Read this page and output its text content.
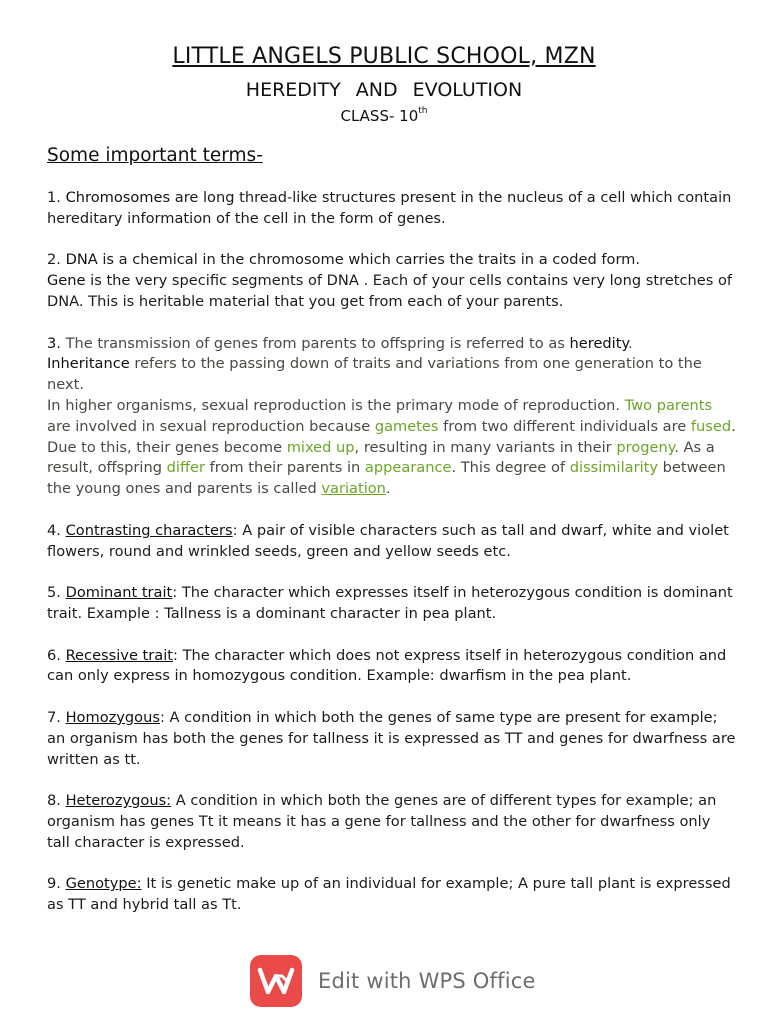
LITTLE ANGELS PUBLIC SCHOOL, MZN
HEREDITY AND EVOLUTION
CLASS- 10th
Some important terms-

1. Chromosomes are long thread-like structures present in the nucleus of a cell which contain hereditary information of the cell in the form of genes.

2. DNA is a chemical in the chromosome which carries the traits in a coded form.

Gene is the very specific segments of DNA . Each of your cells contains very long stretches of DNA. This is heritable material that you get from each of your parents.

3. The transmission of genes from parents to offspring is referred to as heredity.
Inheritance refers to the passing down of traits and variations from one generation to the next.

In higher organisms, sexual reproduction is the primary mode of reproduction. Two parents are involved in sexual reproduction because gametes from two different individuals are fused. Due to this, their genes become mixed up, resulting in many variants in their progeny. As a result, offspring differ from their parents in appearance. This degree of dissimilarity between the young ones and parents is called variation.

4. Contrasting characters: A pair of visible characters such as tall and dwarf, white and violet flowers, round and wrinkled seeds, green and yellow seeds etc.

5. Dominant trait: The character which expresses itself in heterozygous condition is dominant trait. Example : Tallness is a dominant character in pea plant.

6. Recessive trait: The character which does not express itself in heterozygous condition and can only express in homozygous condition. Example: dwarfism in the pea plant.

7. Homozygous: A condition in which both the genes of same type are present for example; an organism has both the genes for tallness it is expressed as TT and genes for dwarfness are written as tt.

8. Heterozygous: A condition in which both the genes are of different types for example; an organism has genes Tt it means it has a gene for tallness and the other for dwarfness only tall character is expressed.

9. Genotype: It is genetic make up of an individual for example; A pure tall plant is expressed as TT and hybrid tall as Tt.

Edit with WPS Office
